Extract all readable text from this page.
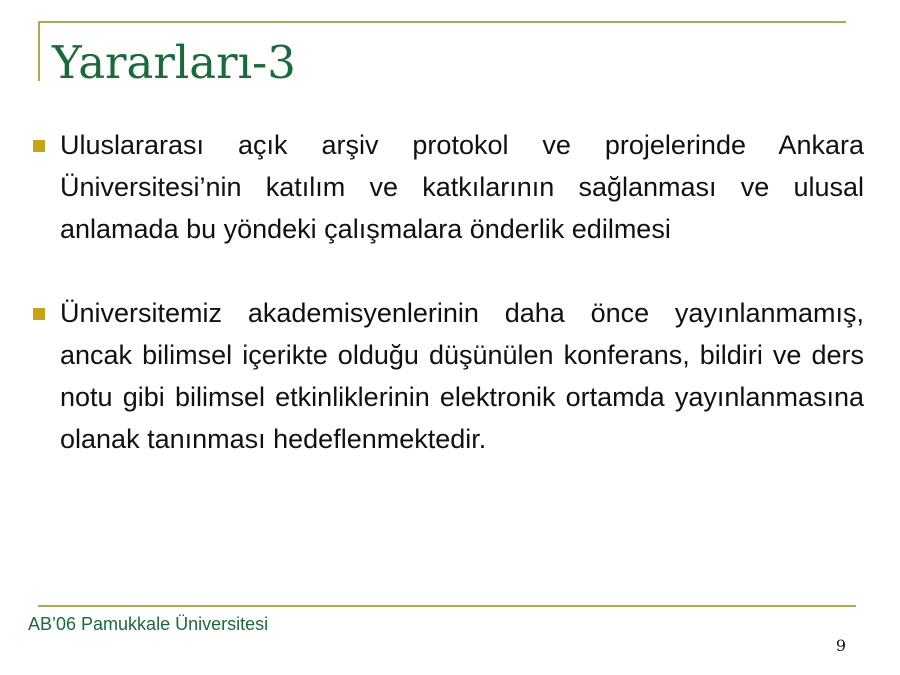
Yararları-3
Uluslararası açık arşiv protokol ve projelerinde Ankara Üniversitesi’nin katılım ve katkılarının sağlanması ve ulusal anlamada bu yöndeki çalışmalara önderlik edilmesi
Üniversitemiz akademisyenlerinin daha önce yayınlanmamış, ancak bilimsel içerikte olduğu düşünülen konferans, bildiri ve ders notu gibi bilimsel etkinliklerinin elektronik ortamda yayınlanmasına olanak tanınması hedeflenmektedir.
AB’06 Pamukkale Üniversitesi
9
